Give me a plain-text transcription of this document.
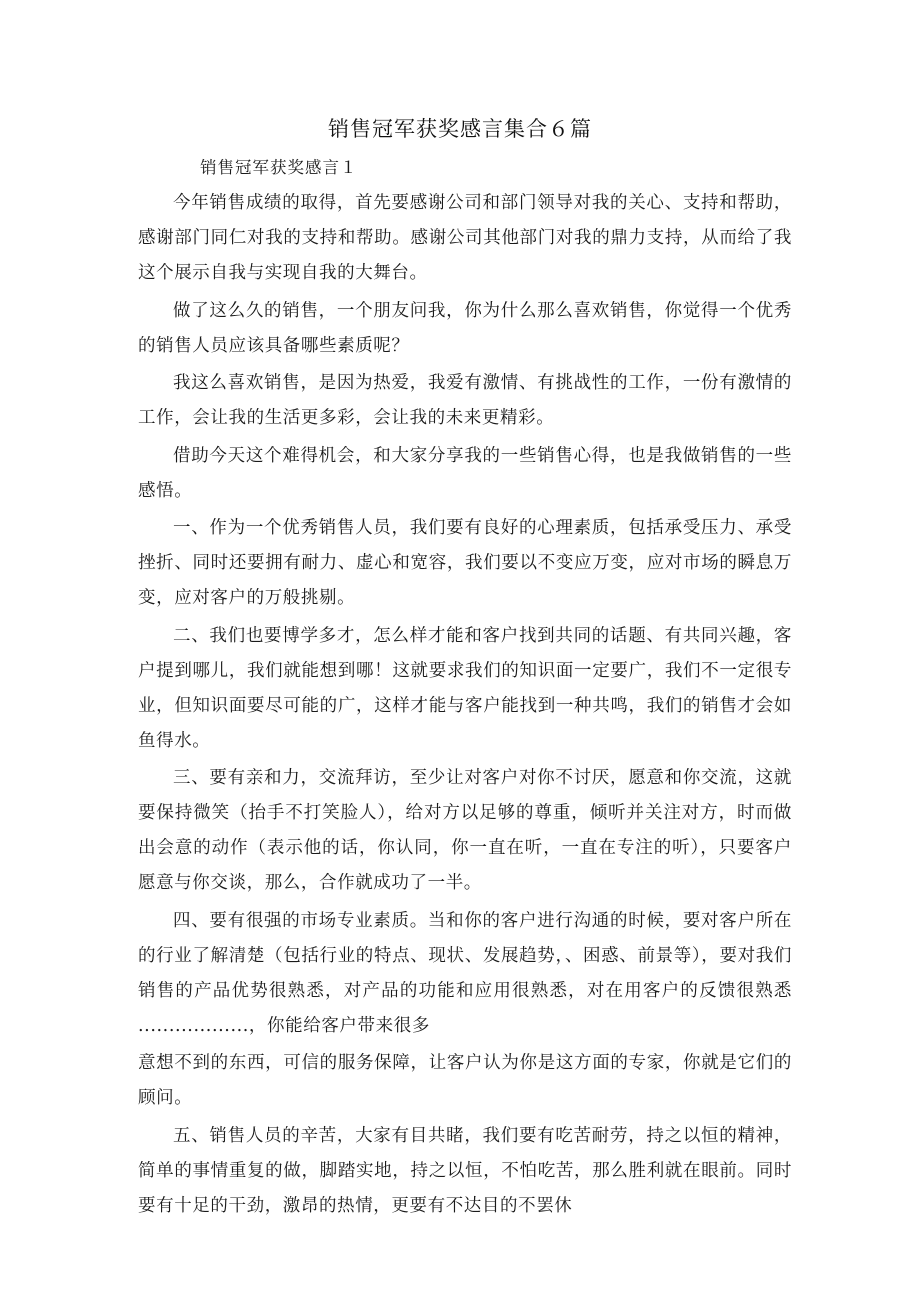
销售冠军获奖感言集合６篇
销售冠军获奖感言１

今年销售成绩的取得，首先要感谢公司和部门领导对我的关心、支持和帮助，感谢部门同仁对我的支持和帮助。感谢公司其他部门对我的鼎力支持，从而给了我这个展示自我与实现自我的大舞台。

做了这么久的销售，一个朋友问我，你为什么那么喜欢销售，你觉得一个优秀的销售人员应该具备哪些素质呢？

我这么喜欢销售，是因为热爱，我爱有激情、有挑战性的工作，一份有激情的工作，会让我的生活更多彩，会让我的未来更精彩。

借助今天这个难得机会，和大家分享我的一些销售心得，也是我做销售的一些感悟。

一、作为一个优秀销售人员，我们要有良好的心理素质，包括承受压力、承受挫折、同时还要拥有耐力、虚心和宽容，我们要以不变应万变，应对市场的瞬息万变，应对客户的万般挑剔。

二、我们也要博学多才，怎么样才能和客户找到共同的话题、有共同兴趣，客户提到哪儿，我们就能想到哪！这就要求我们的知识面一定要广，我们不一定很专业，但知识面要尽可能的广，这样才能与客户能找到一种共鸣，我们的销售才会如鱼得水。

三、要有亲和力，交流拜访，至少让对客户对你不讨厌，愿意和你交流，这就要保持微笑（抬手不打笑脸人），给对方以足够的尊重，倾听并关注对方，时而做出会意的动作（表示他的话，你认同，你一直在听，一直在专注的听），只要客户愿意与你交谈，那么，合作就成功了一半。

四、要有很强的市场专业素质。当和你的客户进行沟通的时候，要对客户所在的行业了解清楚（包括行业的特点、现状、发展趋势，、困惑、前景等），要对我们销售的产品优势很熟悉，对产品的功能和应用很熟悉，对在用客户的反馈很熟悉 ..................，你能给客户带来很多

意想不到的东西，可信的服务保障，让客户认为你是这方面的专家，你就是它们的顾问。

五、销售人员的辛苦，大家有目共睹，我们要有吃苦耐劳，持之以恒的精神，简单的事情重复的做，脚踏实地，持之以恒，不怕吃苦，那么胜利就在眼前。同时要有十足的干劲，激昂的热情，更要有不达目的不罢休
